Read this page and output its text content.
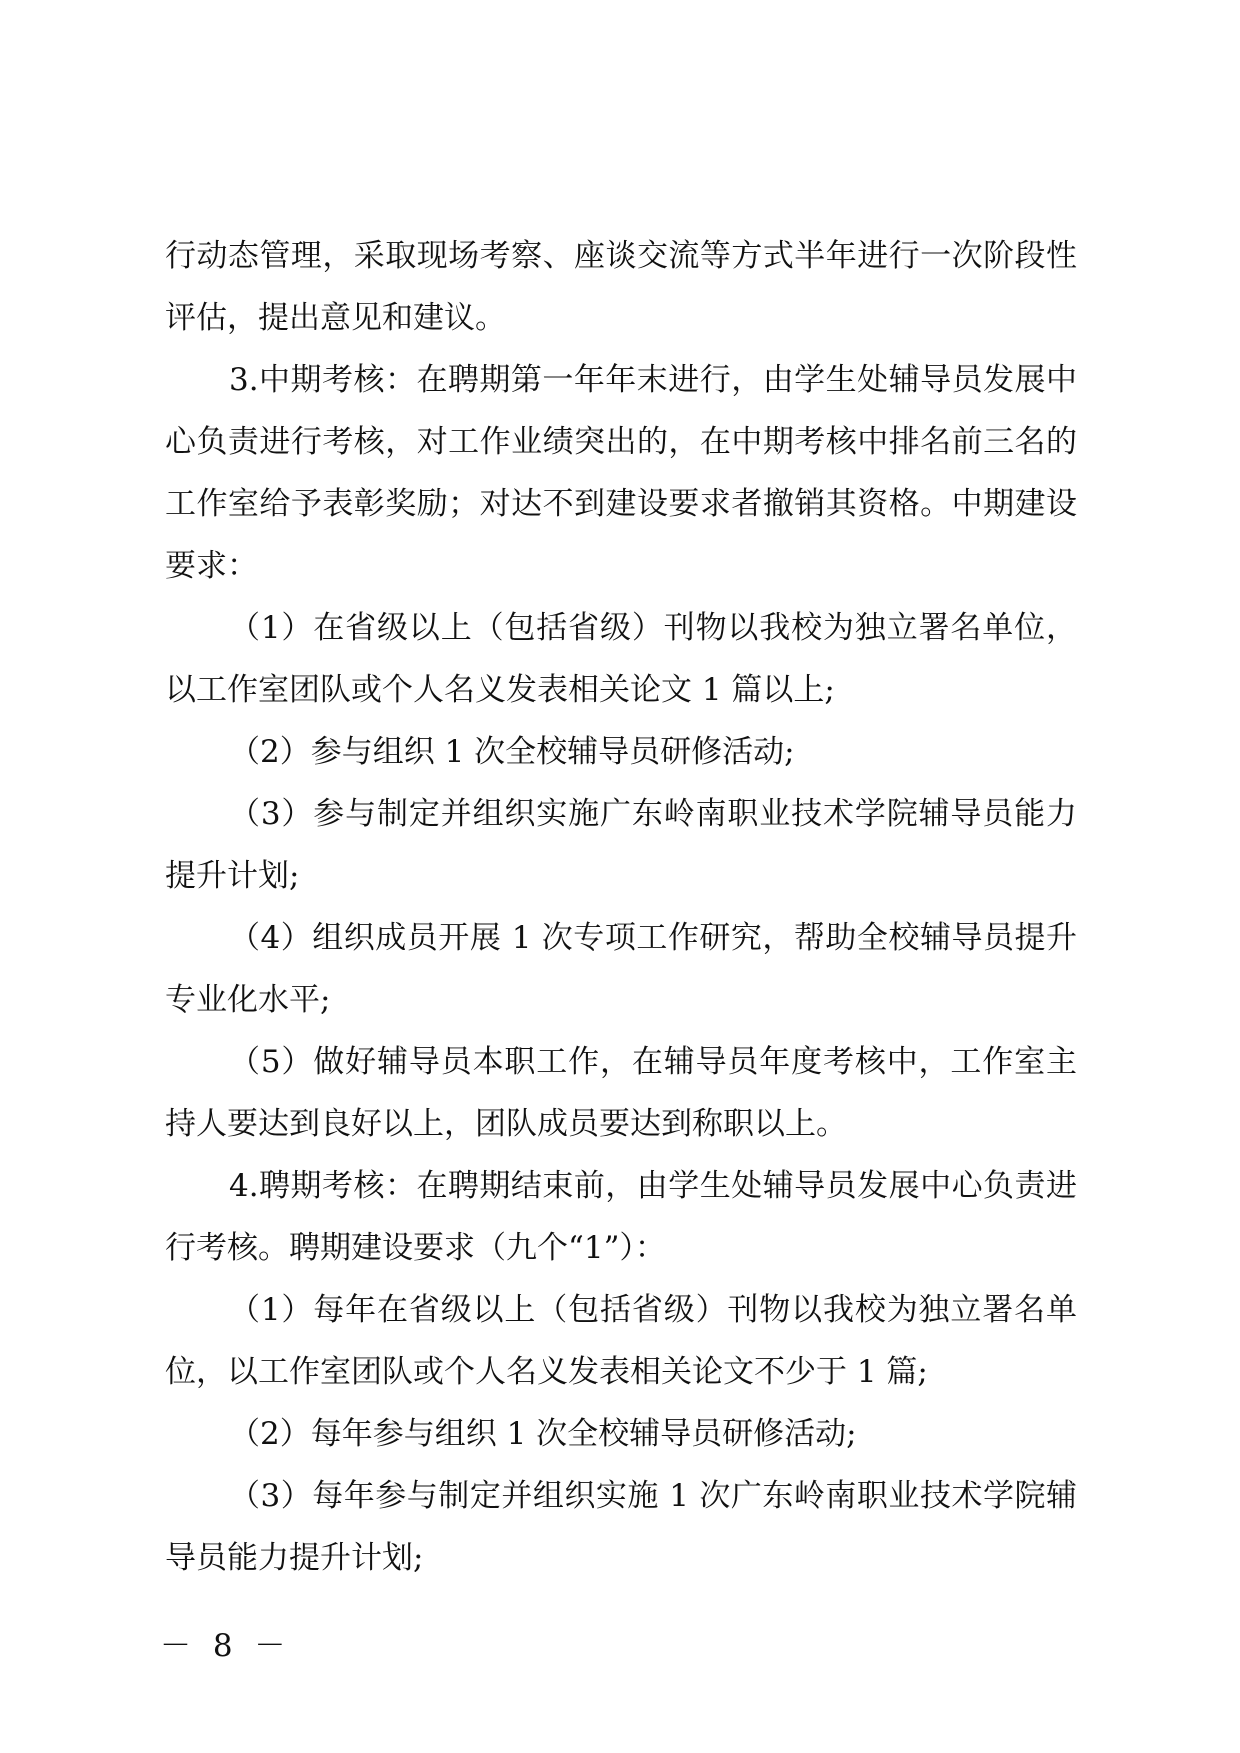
行动态管理，采取现场考察、座谈交流等方式半年进行一次阶段性评估，提出意见和建议。

3.中期考核：在聘期第一年年末进行，由学生处辅导员发展中心负责进行考核，对工作业绩突出的，在中期考核中排名前三名的工作室给予表彰奖励；对达不到建设要求者撤销其资格。中期建设要求：

（1）在省级以上（包括省级）刊物以我校为独立署名单位，以工作室团队或个人名义发表相关论文 1 篇以上;

（2）参与组织 1 次全校辅导员研修活动;

（3）参与制定并组织实施广东岭南职业技术学院辅导员能力提升计划;

（4）组织成员开展 1 次专项工作研究，帮助全校辅导员提升专业化水平;

（5）做好辅导员本职工作，在辅导员年度考核中，工作室主持人要达到良好以上，团队成员要达到称职以上。

4.聘期考核：在聘期结束前，由学生处辅导员发展中心负责进行考核。聘期建设要求（九个“1”）：

（1）每年在省级以上（包括省级）刊物以我校为独立署名单位，以工作室团队或个人名义发表相关论文不少于 1 篇;

（2）每年参与组织 1 次全校辅导员研修活动;

（3）每年参与制定并组织实施 1 次广东岭南职业技术学院辅导员能力提升计划;

－ 8 －
